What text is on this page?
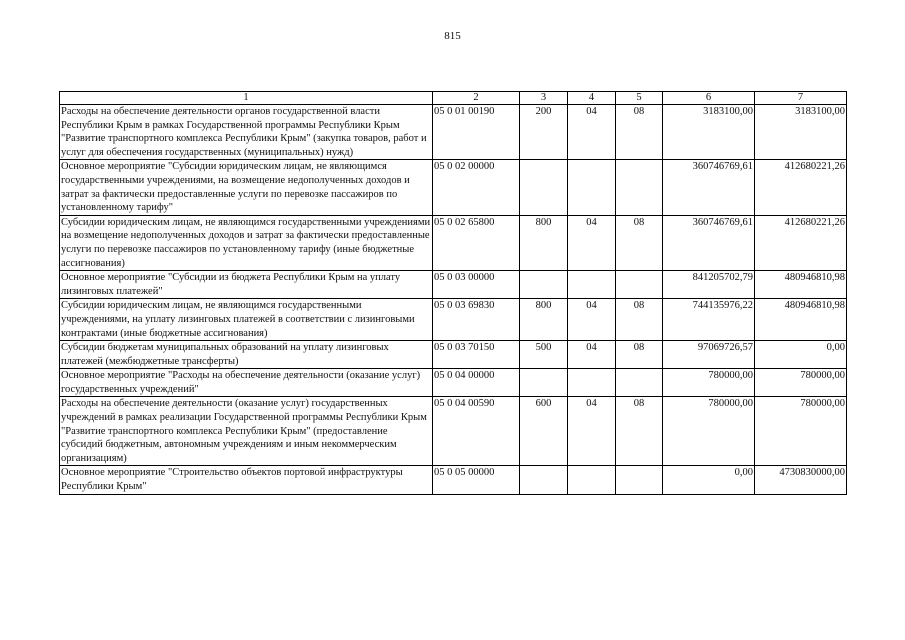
815
1	2	3	4	5	6	7
Расходы на обеспечение деятельности органов государственной власти Республики Крым в рамках Государственной программы Республики Крым "Развитие транспортного комплекса Республики Крым" (закупка товаров, работ и услуг для обеспечения государственных (муниципальных) нужд)	05 0 01 00190	200	04	08	3183100,00	3183100,00
Основное мероприятие "Субсидии юридическим лицам, не являющимся государственными учреждениями, на возмещение недополученных доходов и затрат за фактически предоставленные услуги по перевозке пассажиров по установленному тарифу"	05 0 02 00000				360746769,61	412680221,26
Субсидии юридическим лицам, не являющимся государственными учреждениями на возмещение недополученных доходов и затрат за фактически предоставленные услуги по перевозке пассажиров по установленному тарифу (иные бюджетные ассигнования)	05 0 02 65800	800	04	08	360746769,61	412680221,26
Основное мероприятие "Субсидии из бюджета Республики Крым на уплату лизинговых платежей"	05 0 03 00000				841205702,79	480946810,98
Субсидии юридическим лицам, не являющимся государственными учреждениями, на уплату лизинговых платежей в соответствии с лизинговыми контрактами (иные бюджетные ассигнования)	05 0 03 69830	800	04	08	744135976,22	480946810,98
Субсидии бюджетам муниципальных образований на уплату лизинговых платежей (межбюджетные трансферты)	05 0 03 70150	500	04	08	97069726,57	0,00
Основное мероприятие "Расходы на обеспечение деятельности (оказание услуг) государственных учреждений"	05 0 04 00000				780000,00	780000,00
Расходы на обеспечение деятельности (оказание услуг) государственных учреждений в рамках реализации Государственной программы Республики Крым "Развитие транспортного комплекса Республики Крым" (предоставление субсидий бюджетным, автономным учреждениям и иным некоммерческим организациям)	05 0 04 00590	600	04	08	780000,00	780000,00
Основное мероприятие "Строительство объектов портовой инфраструктуры Республики Крым"	05 0 05 00000				0,00	4730830000,00
